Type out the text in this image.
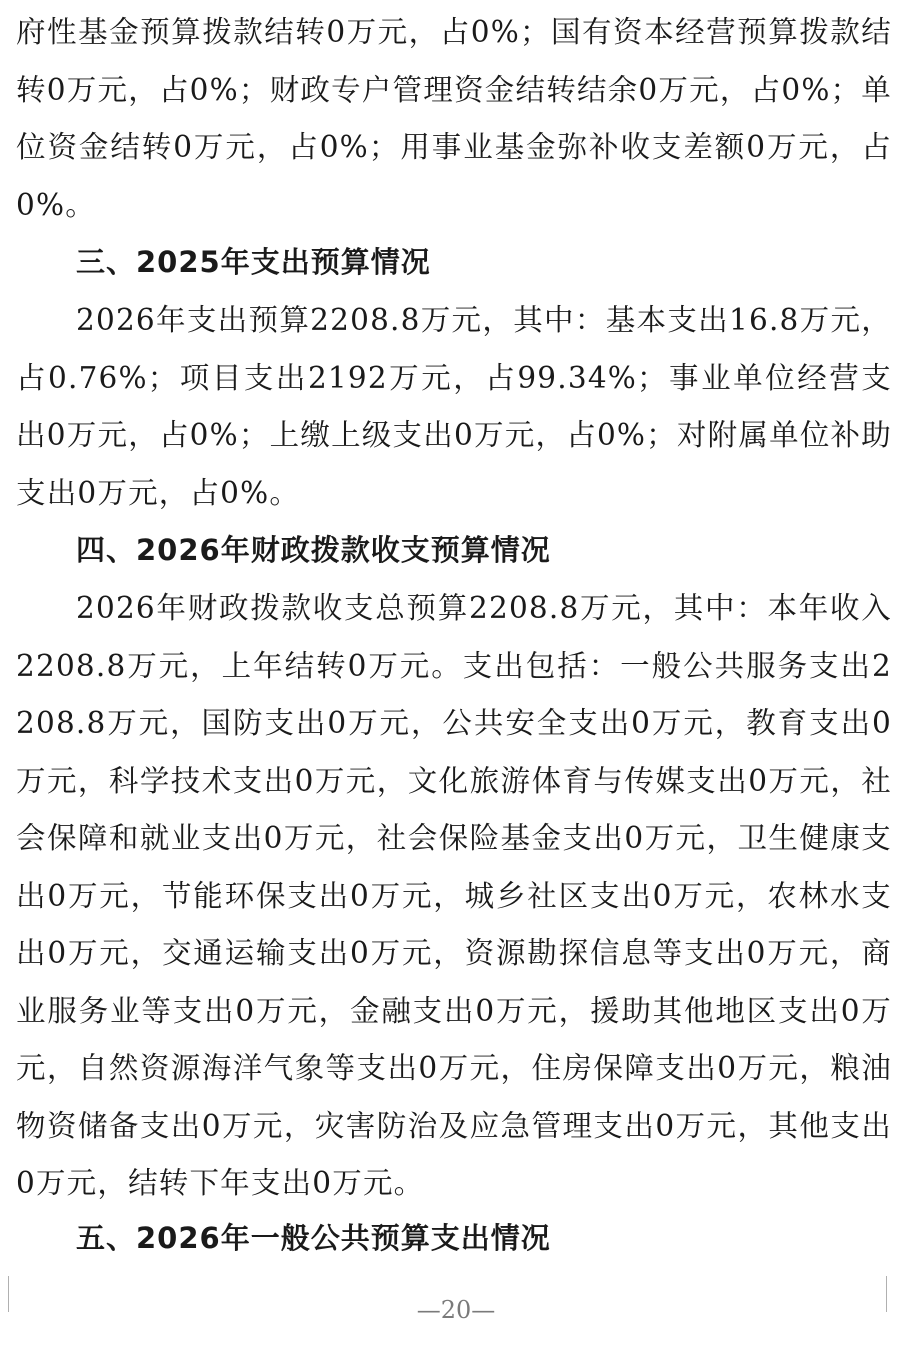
府性基金预算拨款结转0万元，占0%；国有资本经营预算拨款结转0万元，占0%；财政专户管理资金结转结余0万元，占0%；单位资金结转0万元，占0%；用事业基金弥补收支差额0万元，占0%。

三、2025年支出预算情况

2026年支出预算2208.8万元，其中：基本支出16.8万元，占0.76%；项目支出2192万元，占99.34%；事业单位经营支出0万元，占0%；上缴上级支出0万元，占0%；对附属单位补助支出0万元，占0%。

四、2026年财政拨款收支预算情况

2026年财政拨款收支总预算2208.8万元，其中：本年收入2208.8万元，上年结转0万元。支出包括：一般公共服务支出2208.8万元，国防支出0万元，公共安全支出0万元，教育支出0万元，科学技术支出0万元，文化旅游体育与传媒支出0万元，社会保障和就业支出0万元，社会保险基金支出0万元，卫生健康支出0万元，节能环保支出0万元，城乡社区支出0万元，农林水支出0万元，交通运输支出0万元，资源勘探信息等支出0万元，商业服务业等支出0万元，金融支出0万元，援助其他地区支出0万元，自然资源海洋气象等支出0万元，住房保障支出0万元，粮油物资储备支出0万元，灾害防治及应急管理支出0万元，其他支出0万元，结转下年支出0万元。

五、2026年一般公共预算支出情况

—20—
